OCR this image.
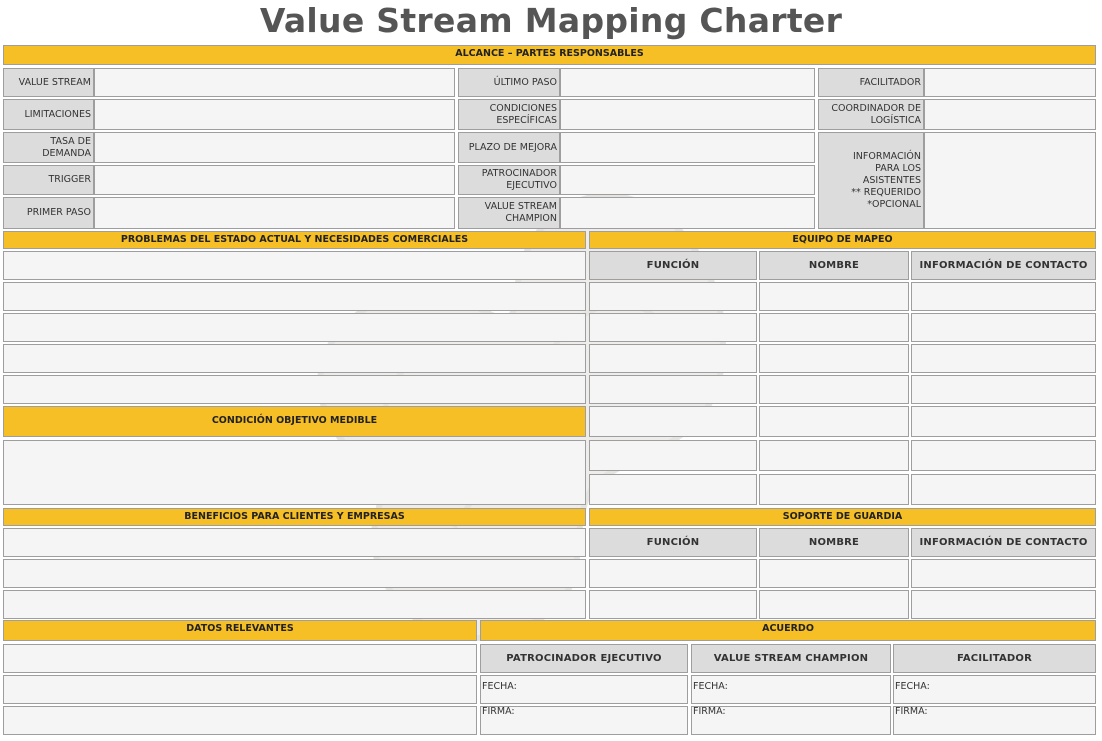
Value Stream Mapping Charter
ALCANCE – PARTES RESPONSABLES
VALUE STREAM
LIMITACIONES
TASA DE
DEMANDA
TRIGGER
PRIMER PASO
ÚLTIMO PASO
CONDICIONES
ESPECÍFICAS
PLAZO DE MEJORA
PATROCINADOR
EJECUTIVO
VALUE STREAM
CHAMPION
FACILITADOR
COORDINADOR DE
LOGÍSTICA
INFORMACIÓN
PARA LOS
ASISTENTES
** REQUERIDO
*OPCIONAL
PROBLEMAS DEL ESTADO ACTUAL Y NECESIDADES COMERCIALES
CONDICIÓN OBJETIVO MEDIBLE
EQUIPO DE MAPEO
FUNCIÓN	NOMBRE	INFORMACIÓN DE CONTACTO
BENEFICIOS PARA CLIENTES Y EMPRESAS	SOPORTE DE GUARDIA
FUNCIÓN	NOMBRE	INFORMACIÓN DE CONTACTO
DATOS RELEVANTES	ACUERDO
PATROCINADOR EJECUTIVO	VALUE STREAM CHAMPION	FACILITADOR
FECHA:	FECHA:	FECHA:
FIRMA:	FIRMA:	FIRMA:
